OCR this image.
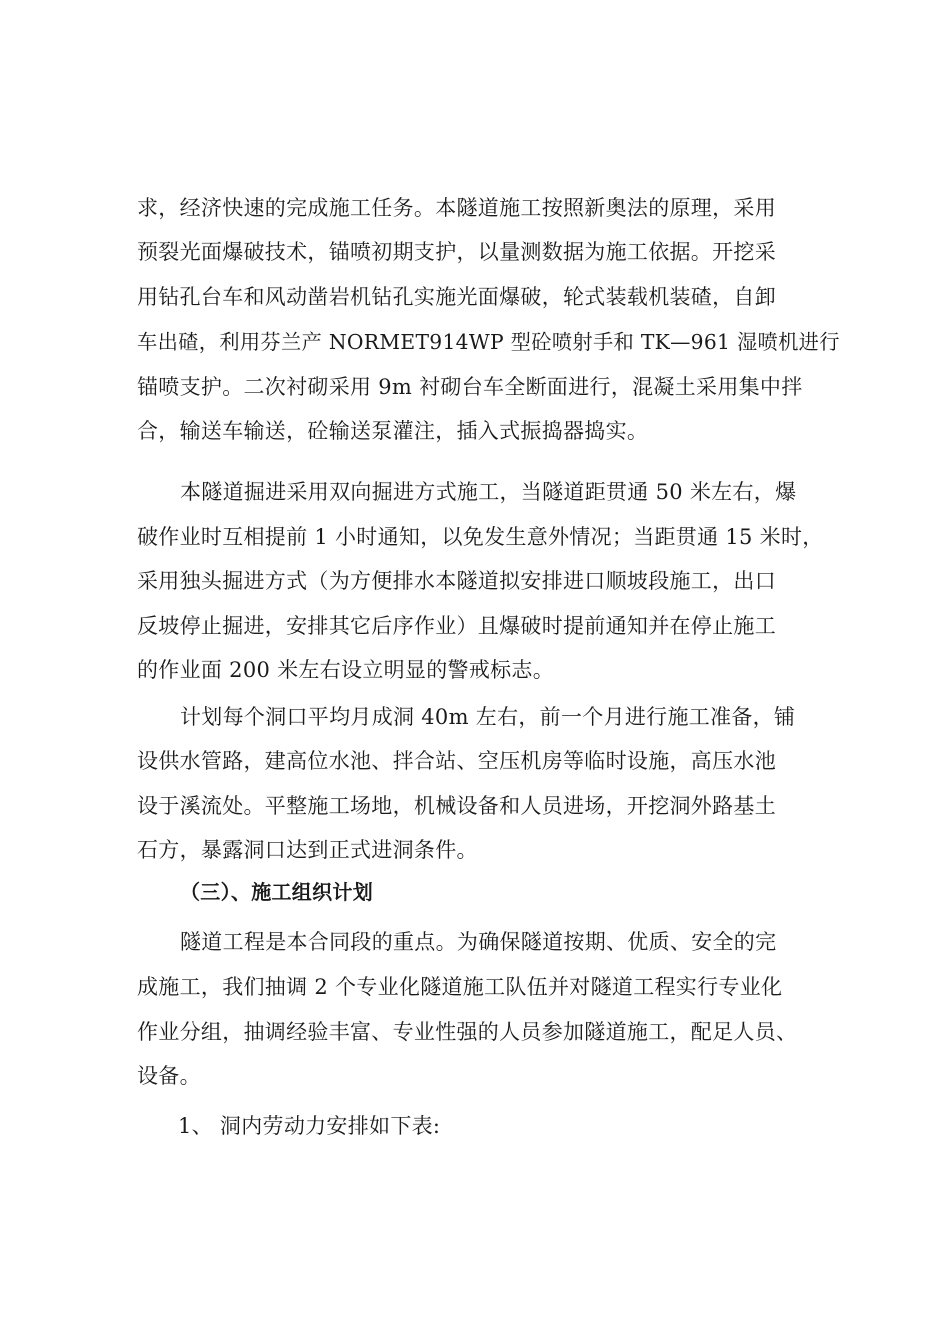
求，经济快速的完成施工任务。本隧道施工按照新奥法的原理，采用
预裂光面爆破技术，锚喷初期支护，以量测数据为施工依据。开挖采
用钻孔台车和风动凿岩机钻孔实施光面爆破，轮式装载机装碴，自卸
车出碴，利用芬兰产 NORMET914WP 型砼喷射手和 TK—961 湿喷机进行
锚喷支护。二次衬砌采用 9m 衬砌台车全断面进行，混凝土采用集中拌
合，输送车输送，砼输送泵灌注，插入式振捣器捣实。
本隧道掘进采用双向掘进方式施工，当隧道距贯通 50 米左右，爆
破作业时互相提前 1 小时通知，以免发生意外情况；当距贯通 15 米时，
采用独头掘进方式（为方便排水本隧道拟安排进口顺坡段施工，出口
反坡停止掘进，安排其它后序作业）且爆破时提前通知并在停止施工
的作业面 200 米左右设立明显的警戒标志。
计划每个洞口平均月成洞 40m 左右，前一个月进行施工准备，铺
设供水管路，建高位水池、拌合站、空压机房等临时设施，高压水池
设于溪流处。平整施工场地，机械设备和人员进场，开挖洞外路基土
石方，暴露洞口达到正式进洞条件。
（三）、施工组织计划
隧道工程是本合同段的重点。为确保隧道按期、优质、安全的完
成施工，我们抽调 2 个专业化隧道施工队伍并对隧道工程实行专业化
作业分组，抽调经验丰富、专业性强的人员参加隧道施工，配足人员、
设备。
1、 洞内劳动力安排如下表:
